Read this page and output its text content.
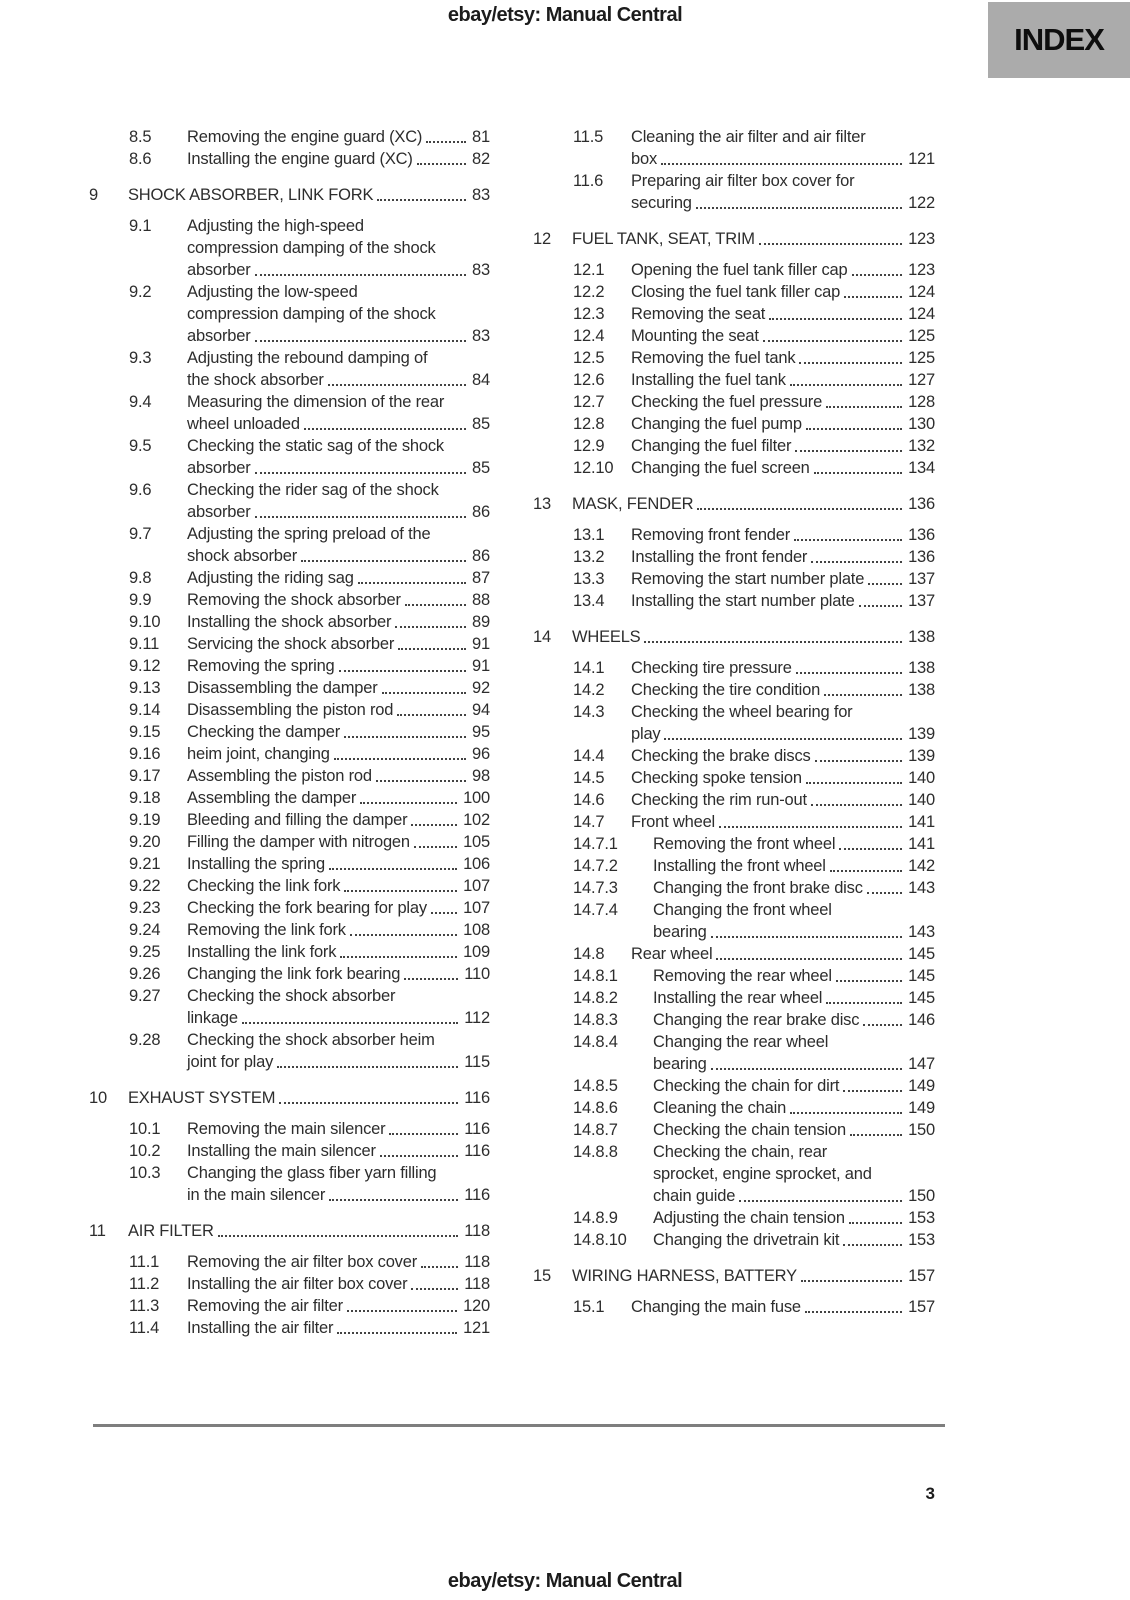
ebay/etsy: Manual Central
INDEX
8.5	Removing the engine guard (XC)	81
8.6	Installing the engine guard (XC)	82
9	SHOCK ABSORBER, LINK FORK	83
9.1	Adjusting the high-speed
compression damping of the shock
absorber	83
9.2	Adjusting the low-speed
compression damping of the shock
absorber	83
9.3	Adjusting the rebound damping of
the shock absorber	84
9.4	Measuring the dimension of the rear
wheel unloaded	85
9.5	Checking the static sag of the shock
absorber	85
9.6	Checking the rider sag of the shock
absorber	86
9.7	Adjusting the spring preload of the
shock absorber	86
9.8	Adjusting the riding sag	87
9.9	Removing the shock absorber	88
9.10	Installing the shock absorber	89
9.11	Servicing the shock absorber	91
9.12	Removing the spring	91
9.13	Disassembling the damper	92
9.14	Disassembling the piston rod	94
9.15	Checking the damper	95
9.16	heim joint, changing	96
9.17	Assembling the piston rod	98
9.18	Assembling the damper	100
9.19	Bleeding and filling the damper	102
9.20	Filling the damper with nitrogen	105
9.21	Installing the spring	106
9.22	Checking the link fork	107
9.23	Checking the fork bearing for play 107
9.24	Removing the link fork	108
9.25	Installing the link fork	109
9.26	Changing the link fork bearing	110
9.27	Checking the shock absorber
linkage	112
9.28	Checking the shock absorber heim
joint for play	115
10	EXHAUST SYSTEM	116
10.1	Removing the main silencer	116
10.2	Installing the main silencer	116
10.3	Changing the glass fiber yarn filling
in the main silencer	116
11	AIR FILTER	118
11.1	Removing the air filter box cover	118
11.2	Installing the air filter box cover	118
11.3	Removing the air filter	120
11.4	Installing the air filter	121
11.5	Cleaning the air filter and air filter
box	121
11.6	Preparing air filter box cover for
securing	122
12	FUEL TANK, SEAT, TRIM	123
12.1	Opening the fuel tank filler cap	123
12.2	Closing the fuel tank filler cap	124
12.3	Removing the seat	124
12.4	Mounting the seat	125
12.5	Removing the fuel tank	125
12.6	Installing the fuel tank	127
12.7	Checking the fuel pressure	128
12.8	Changing the fuel pump	130
12.9	Changing the fuel filter	132
12.10	Changing the fuel screen	134
13	MASK, FENDER	136
13.1	Removing front fender	136
13.2	Installing the front fender	136
13.3	Removing the start number plate	137
13.4	Installing the start number plate	137
14	WHEELS	138
14.1	Checking tire pressure	138
14.2	Checking the tire condition	138
14.3	Checking the wheel bearing for
play	139
14.4	Checking the brake discs	139
14.5	Checking spoke tension	140
14.6	Checking the rim run-out	140
14.7	Front wheel	141
14.7.1	Removing the front wheel	141
14.7.2	Installing the front wheel	142
14.7.3	Changing the front brake disc	143
14.7.4	Changing the front wheel
bearing	143
14.8	Rear wheel	145
14.8.1	Removing the rear wheel	145
14.8.2	Installing the rear wheel	145
14.8.3	Changing the rear brake disc	146
14.8.4	Changing the rear wheel
bearing	147
14.8.5	Checking the chain for dirt	149
14.8.6	Cleaning the chain	149
14.8.7	Checking the chain tension	150
14.8.8	Checking the chain, rear
sprocket, engine sprocket, and
chain guide	150
14.8.9	Adjusting the chain tension	153
14.8.10	Changing the drivetrain kit	153
15	WIRING HARNESS, BATTERY	157
15.1	Changing the main fuse	157
3
ebay/etsy: Manual Central
